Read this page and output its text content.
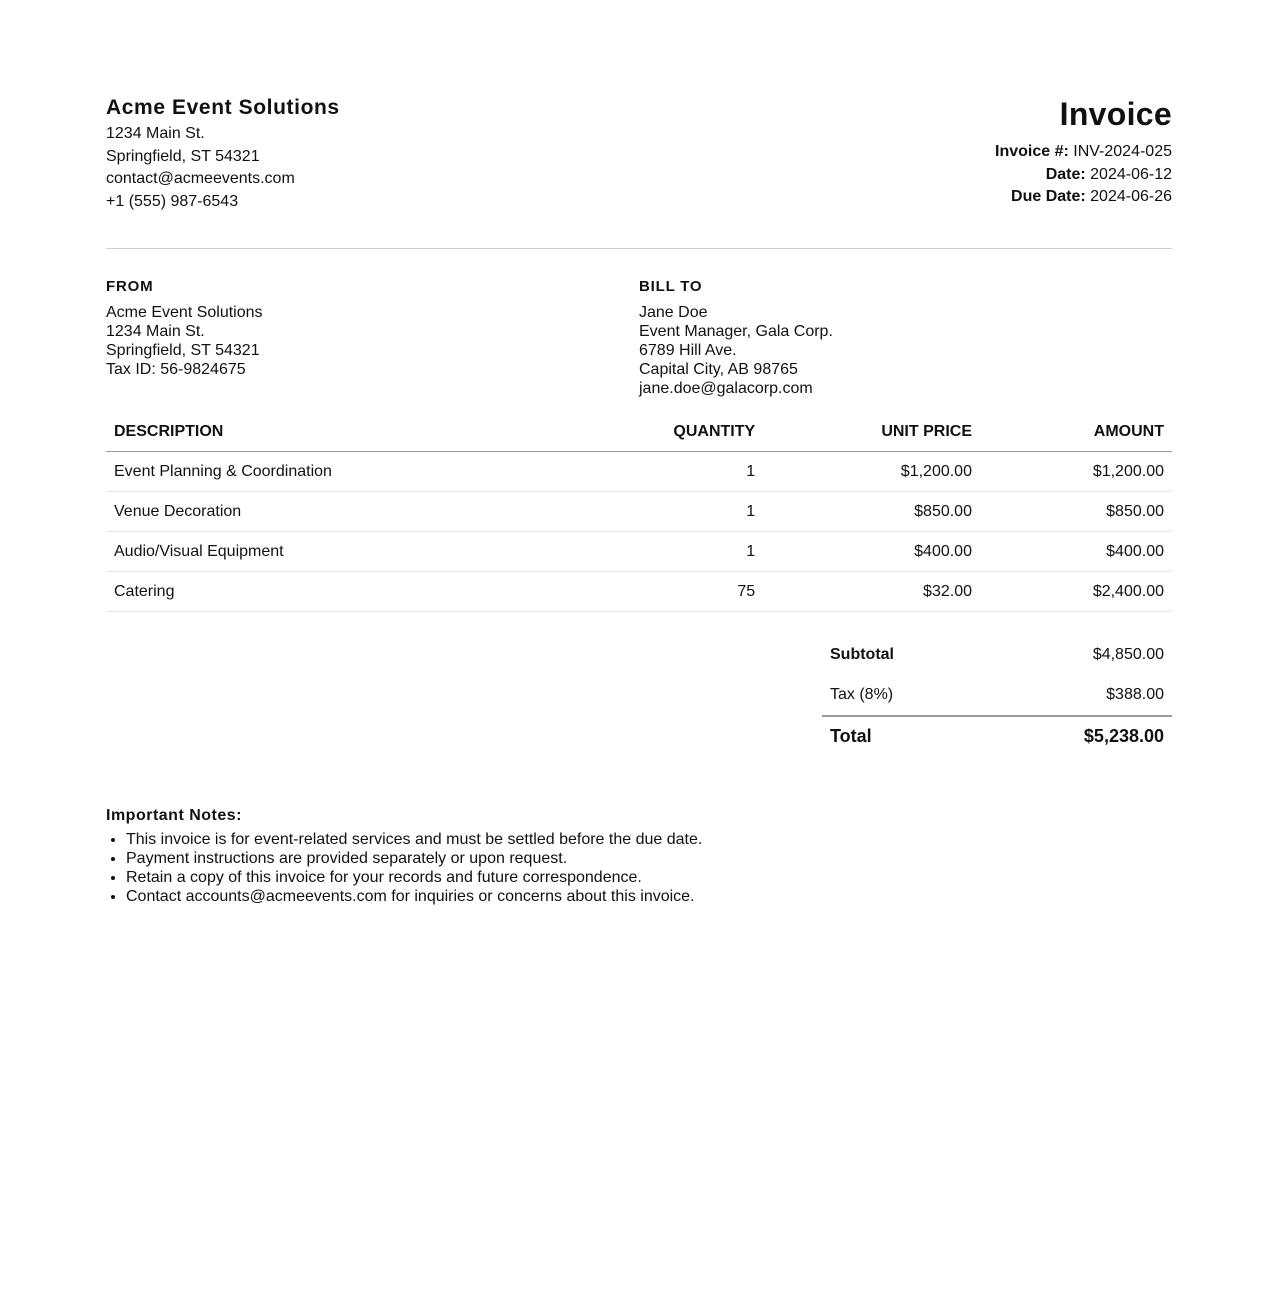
Acme Event Solutions
1234 Main St.
Springfield, ST 54321
contact@acmeevents.com
+1 (555) 987-6543
Invoice
Invoice #: INV-2024-025
Date: 2024-06-12
Due Date: 2024-06-26
FROM
Acme Event Solutions
1234 Main St.
Springfield, ST 54321
Tax ID: 56-9824675
BILL TO
Jane Doe
Event Manager, Gala Corp.
6789 Hill Ave.
Capital City, AB 98765
jane.doe@galacorp.com
DESCRIPTION	QUANTITY	UNIT PRICE	AMOUNT
Event Planning & Coordination	1	$1,200.00	$1,200.00
Venue Decoration	1	$850.00	$850.00
Audio/Visual Equipment	1	$400.00	$400.00
Catering	75	$32.00	$2,400.00
Subtotal	$4,850.00
Tax (8%)	$388.00
Total	$5,238.00
Important Notes:
• This invoice is for event-related services and must be settled before the due date.
• Payment instructions are provided separately or upon request.
• Retain a copy of this invoice for your records and future correspondence.
• Contact accounts@acmeevents.com for inquiries or concerns about this invoice.
